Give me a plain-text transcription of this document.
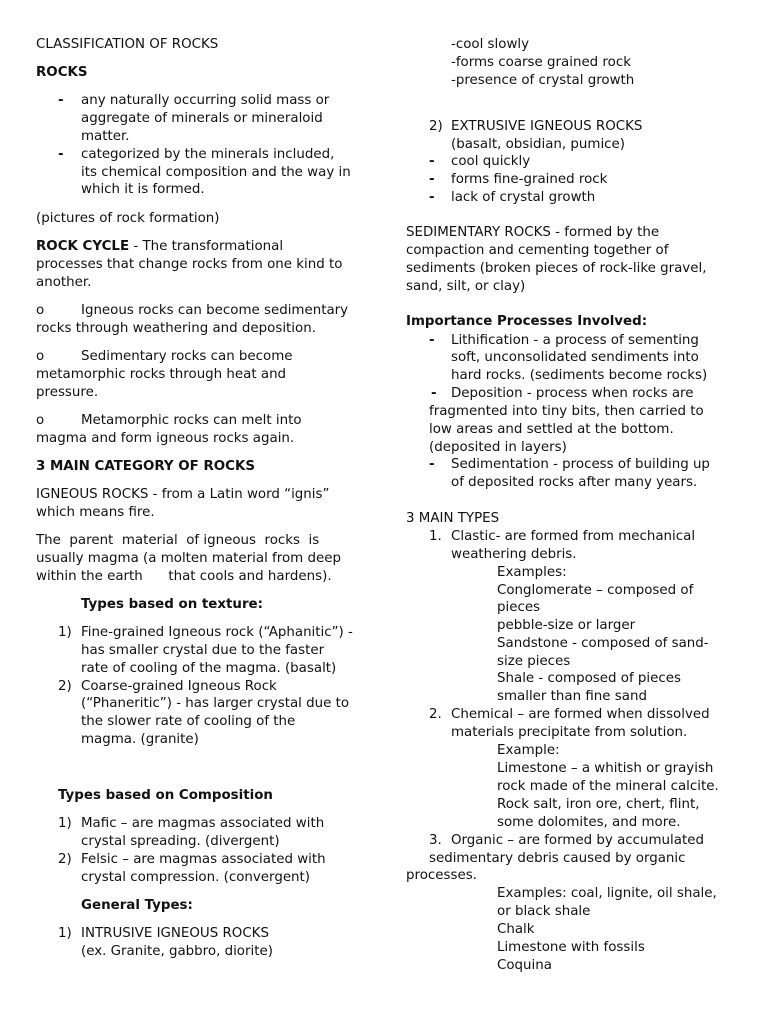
CLASSIFICATION OF ROCKS
ROCKS
- any naturally occurring solid mass or
aggregate of minerals or mineraloid
matter.
- categorized by the minerals included,
its chemical composition and the way in
which it is formed.
(pictures of rock formation)
ROCK CYCLE - The transformational
processes that change rocks from one kind to
another.
o	Igneous rocks can become sedimentary
rocks through weathering and deposition.
o	Sedimentary rocks can become
metamorphic rocks through heat and
pressure.
o	Metamorphic rocks can melt into
magma and form igneous rocks again.
3 MAIN CATEGORY OF ROCKS
IGNEOUS ROCKS - from a Latin word “ignis”
which means fire.
The  parent  material  of igneous  rocks  is
usually magma (a molten material from deep
within the earth      that cools and hardens).
Types based on texture:
1) Fine-grained Igneous rock (“Aphanitic”) -
has smaller crystal due to the faster
rate of cooling of the magma. (basalt)
2) Coarse-grained Igneous Rock
(“Phaneritic”) - has larger crystal due to
the slower rate of cooling of the
magma. (granite)
Types based on Composition
1) Mafic – are magmas associated with
crystal spreading. (divergent)
2) Felsic – are magmas associated with
crystal compression. (convergent)
General Types:
1) INTRUSIVE IGNEOUS ROCKS
(ex. Granite, gabbro, diorite)
-cool slowly
-forms coarse grained rock
-presence of crystal growth
2) EXTRUSIVE IGNEOUS ROCKS
(basalt, obsidian, pumice)
- cool quickly
- forms fine-grained rock
- lack of crystal growth
SEDIMENTARY ROCKS - formed by the
compaction and cementing together of
sediments (broken pieces of rock-like gravel,
sand, silt, or clay)
Importance Processes Involved:
- Lithification - a process of sementing
soft, unconsolidated sendiments into
hard rocks. (sediments become rocks)
- Deposition - process when rocks are
fragmented into tiny bits, then carried to
low areas and settled at the bottom.
(deposited in layers)
- Sedimentation - process of building up
of deposited rocks after many years.
3 MAIN TYPES
1. Clastic- are formed from mechanical
weathering debris.
Examples:
Conglomerate – composed of
pieces
pebble-size or larger
Sandstone - composed of sand-
size pieces
Shale - composed of pieces
smaller than fine sand
2. Chemical – are formed when dissolved
materials precipitate from solution.
Example:
Limestone – a whitish or grayish
rock made of the mineral calcite.
Rock salt, iron ore, chert, flint,
some dolomites, and more.
3. Organic – are formed by accumulated
sedimentary debris caused by organic
processes.
Examples: coal, lignite, oil shale,
or black shale
Chalk
Limestone with fossils
Coquina
